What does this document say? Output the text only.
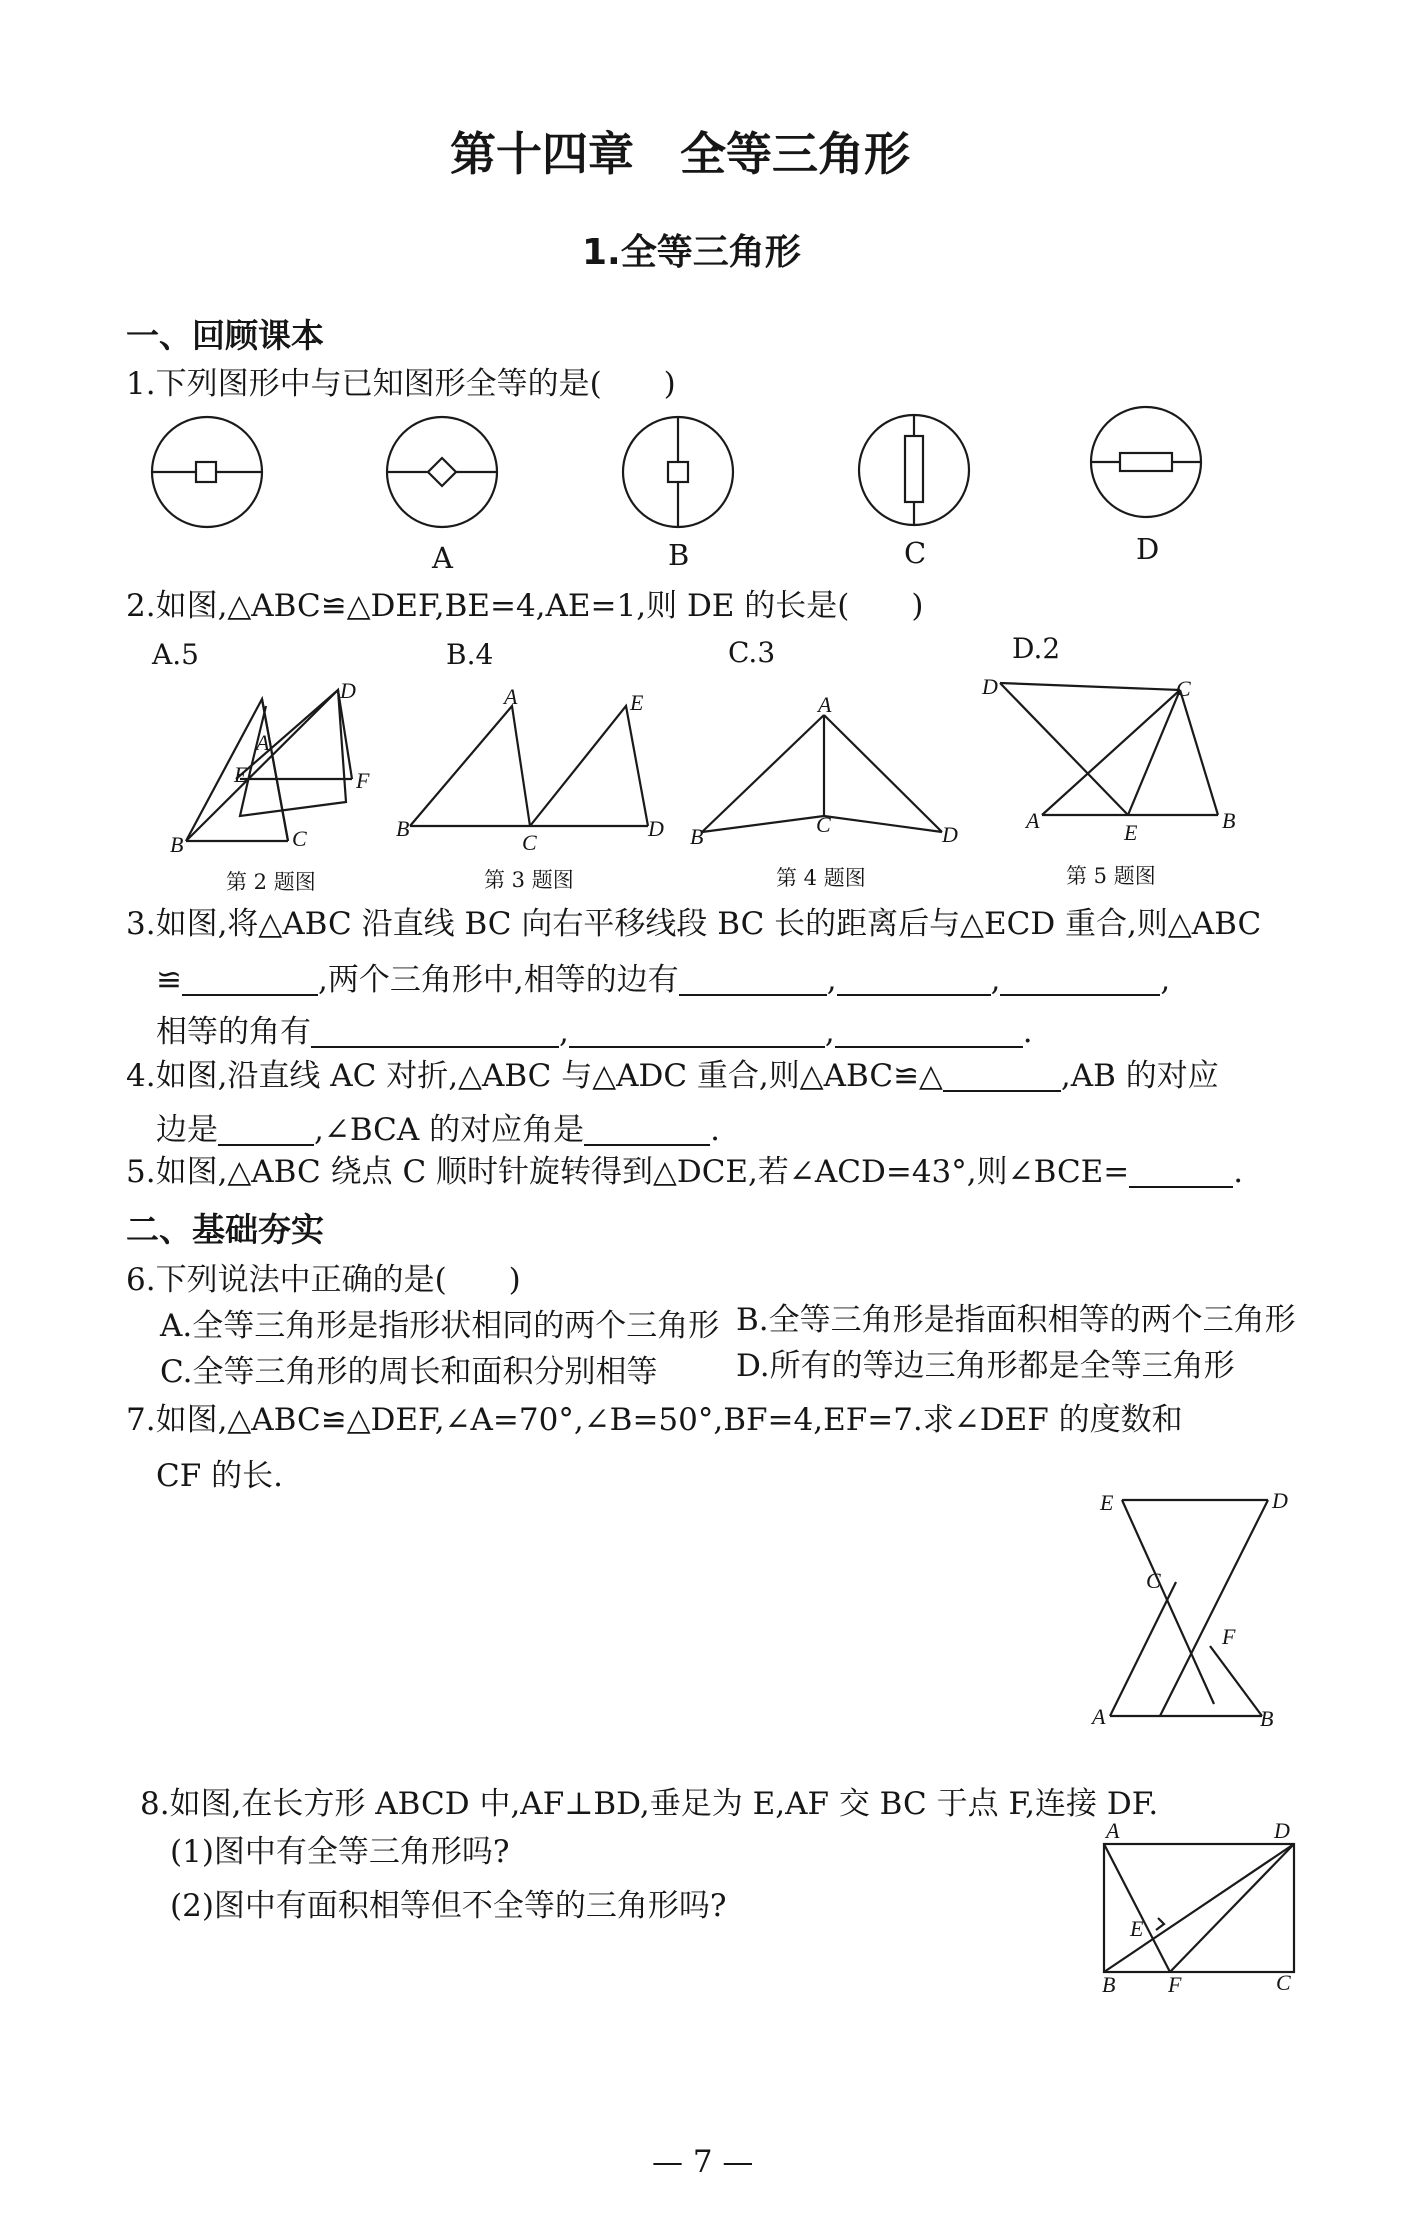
第十四章　全等三角形
1.全等三角形
一、回顾课本
1.下列图形中与已知图形全等的是(　　)
A	B	C	D
2.如图,△ABC≌△DEF,BE=4,AE=1,则 DE 的长是(　　)
A.5	B.4	C.3	D.2
D
A
E	F
B	C
第 2 题图
A	E
B
C
D
第 3 题图
A
B	C	D
第 4 题图
D	C
A	E	B
第 5 题图
3.如图,将△ABC 沿直线 BC 向右平移线段 BC 长的距离后与△ECD 重合,则△ABC
≌	,两个三角形中,相等的边有	,	,	,
相等的角有	,	,	.
4.如图,沿直线 AC 对折,△ABC 与△ADC 重合,则△ABC≌△	,AB 的对应
边是	,∠BCA 的对应角是	.
5.如图,△ABC 绕点 C 顺时针旋转得到△DCE,若∠ACD=43°,则∠BCE=	.
二、基础夯实
6.下列说法中正确的是(　　)
A.全等三角形是指形状相同的两个三角形 B.全等三角形是指面积相等的两个三角形
C.全等三角形的周长和面积分别相等	D.所有的等边三角形都是全等三角形
7.如图,△ABC≌△DEF,∠A=70°,∠B=50°,BF=4,EF=7.求∠DEF 的度数和
CF 的长.
E	D
C
F
A	B
8.如图,在长方形 ABCD 中,AF⊥BD,垂足为 E,AF 交 BC 于点 F,连接 DF.
(1)图中有全等三角形吗?
(2)图中有面积相等但不全等的三角形吗?
A	D
E
B F	C
— 7 —
